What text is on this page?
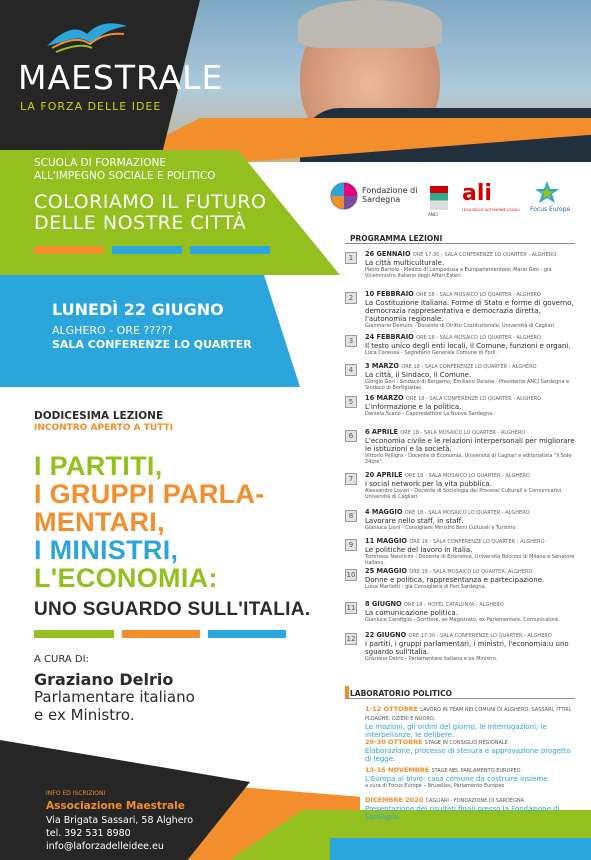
MAESTRALE
LA FORZA DELLE IDEE
SCUOLA DI FORMAZIONE
ALL'IMPEGNO SOCIALE E POLITICO
COLORIAMO IL FUTURO
DELLE NOSTRE CITTÀ
LUNEDÌ 22 GIUGNO
ALGHERO - ORE ?????
SALA CONFERENZE LO QUARTER
DODICESIMA LEZIONE
INCONTRO APERTO A TUTTI
I PARTITI,
I GRUPPI PARLA-
MENTARI,
I MINISTRI,
L'ECONOMIA:
UNO SGUARDO SULL'ITALIA.
A CURA DI:
Graziano Delrio
Parlamentare italiano
e ex Ministro.
INFO ED ISCRIZIONI
Associazione Maestrale
Via Brigata Sassari, 58 Alghero
tel. 392 531 8980
info@laforzadelleidee.eu
Fondazione di Sardegna
ANCI
ali
LEGA DELLE AUTONOMIE LOCALI	Focus Europe
PROGRAMMA LEZIONI
1	26 GENNAIO ORE 17:30 - SALA CONFERENZE LO QUARTER - ALGHERO
La città multiculturale.
Pietro Bartolo - Medico di Lampedusa e Europarlamentare; Mario Giro - già Viceministro Italiano degli Affari Esteri.
2	10 FEBBRAIO ORE 18 - SALA MOSAICO LO QUARTER - ALGHERO
La Costituzione italiana. Forme di Stato e forme di governo, democrazia rappresentativa e democrazia diretta, l'autonomia regionale.
Gianmario Demuro - Docente di Diritto Costituzionale, Università di Cagliari.
3	24 FEBBRAIO ORE 18 - SALA MOSAICO LO QUARTER - ALGHERO
Il testo unico degli enti locali, il Comune, funzioni e organi.
Luca Canessa - Segretario Generale Comune di Forlì.
4	3 MARZO ORE 18 - SALA CONFERENZE LO QUARTER - ALGHERO
La città, il Sindaco, il Comune.
Giorgio Gori - Sindaco di Bergamo; Emiliano Deiana - Presidente ANCI Sardegna e Sindaco di Bortigiadas.
5	16 MARZO ORE 18 - SALA CONFERENZE LO QUARTER - ALGHERO
L'informazione e la politica.
Daniela Scano - Caporedattore La Nuova Sardegna.
6	6 APRILE ORE 18 - SALA MOSAICO LO QUARTER - ALGHERO
L'economia civile e le relazioni interpersonali per migliorare le istituzioni e la società.
Vittorio Pelligra - Docente di Economia, Università di Cagliari e editorialista "Il Sole 24ore".
7	20 APRILE ORE 18 - SALA MOSAICO LO QUARTER - ALGHERO
I social network per la vita pubblica.
Alessandro Lovari - Docente di Sociologia dei Processi Culturali e Comunicativi, Università di Cagliari.
8	4 MAGGIO ORE 18 - SALA MOSAICO LO QUARTER - ALGHERO
Lavorare nello staff, in staff.
Gianluca Lioni - Consigliere Ministro Beni Culturali e Turismo.
9	11 MAGGIO ORE 18 - SALA CONFERENZE LO QUARTER - ALGHERO
Le politiche del lavoro in Italia.
Tommaso Nannicini - Docente di Economia, Università Bocconi di Milano e Senatore italiano.
10 25 MAGGIO ORE 18 - SALA MOSAICO LO QUARTER, ALGHERO
Donne e politica, rappresentanza e partecipazione.
Luisa Marilotti - già Consigliera di Pari Sardegna.
11 8 GIUGNO ORE 18 - HOTEL CATALUNYA - ALGHERO
La comunicazione politica.
Gianluca Carofiglio - Scrittore, ex Magistrato, ex Parlamentare, Comunicatore.
12 22 GIUGNO ORE 17:30 - SALA CONFERENZE LO QUARTER - ALGHERO
I partiti, i gruppi parlamentari, i ministri, l'economia:u uno sguardo sull'Italia.
Graziano Delrio - Parlamentare italiano e ex Ministro.
LABORATORIO POLITICO
1-12 OTTOBRE LAVORO IN TEAM NEI COMUNI DI ALGHERO, SASSARI, ITTIRI, PLOAGHE, OZIERI E NUORO.
Le mozioni, gli ordini del giorno, le interrogazioni, le interpellanze, le delibere.
29-30 OTTOBRE STAGE IN CONSIGLIO REGIONALE
Elaborazione, processo di stesura e approvazione progetto di legge.
13-15 NOVEMBRE STAGE NEL PARLAMENTO EUROPEO
L'Europa al bivio: casa comune da costruire insieme
a cura di Focus Europe – Bruxelles, Parlamento Europeo
DICEMBRE 2020 CAGLIARI - FONDAZIONE DI SARDEGNA
Presentazione dei risultati finali presso la Fondazione di Sardegna.
